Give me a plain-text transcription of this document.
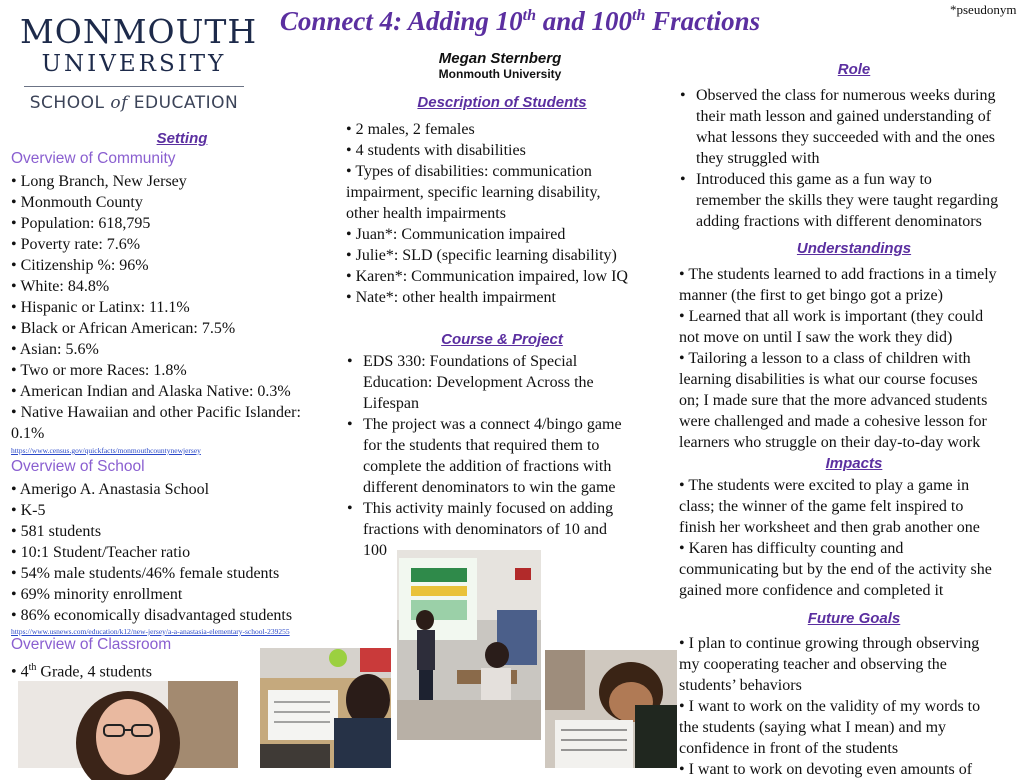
MONMOUTH
UNIVERSITY
SCHOOL of EDUCATION
Connect 4: Adding 10th and 100th Fractions	*pseudonym
Megan Sternberg
Monmouth University
Setting
Overview of Community
• Long Branch, New Jersey
• Monmouth County
• Population: 618,795
• Poverty rate: 7.6%
• Citizenship %: 96%
• White: 84.8%
• Hispanic or Latinx: 11.1%
• Black or African American: 7.5%
• Asian: 5.6%
• Two or more Races: 1.8%
• American Indian and Alaska Native: 0.3%
• Native Hawaiian and other Pacific Islander:
0.1%
https://www.census.gov/quickfacts/monmouthcountynewjersey
Overview of School
• Amerigo A. Anastasia School
• K-5
• 581 students
• 10:1 Student/Teacher ratio
• 54% male students/46% female students
• 69% minority enrollment
• 86% economically disadvantaged students
https://www.usnews.com/education/k12/new-jersey/a-a-anastasia-elementary-school-239255
Overview of Classroom
• 4th Grade, 4 students
Description of Students
• 2 males, 2 females
• 4 students with disabilities
• Types of disabilities: communication
impairment, specific learning disability,
other health impairments
• Juan*: Communication impaired
• Julie*: SLD (specific learning disability)
• Karen*: Communication impaired, low IQ
• Nate*: other health impairment
Course & Project
• EDS 330: Foundations of Special
Education: Development Across the
Lifespan
• The project was a connect 4/bingo game
for the students that required them to
complete the addition of fractions with
different denominators to win the game
• This activity mainly focused on adding
fractions with denominators of 10 and
100
Role
• Observed the class for numerous weeks during
their math lesson and gained understanding of
what lessons they succeeded with and the ones
they struggled with
• Introduced this game as a fun way to
remember the skills they were taught regarding
adding fractions with different denominators
Understandings
• The students learned to add fractions in a timely
manner (the first to get bingo got a prize)
• Learned that all work is important (they could
not move on until I saw the work they did)
• Tailoring a lesson to a class of children with
learning disabilities is what our course focuses
on; I made sure that the more advanced students
were challenged and made a cohesive lesson for
learners who struggle on their day-to-day work
Impacts
• The students were excited to play a game in
class; the winner of the game felt inspired to
finish her worksheet and then grab another one
• Karen has difficulty counting and
communicating but by the end of the activity she
gained more confidence and completed it
Future Goals
• I plan to continue growing through observing
my cooperating teacher and observing the
students’ behaviors
• I want to work on the validity of my words to
the students (saying what I mean) and my
confidence in front of the students
• I want to work on devoting even amounts of
